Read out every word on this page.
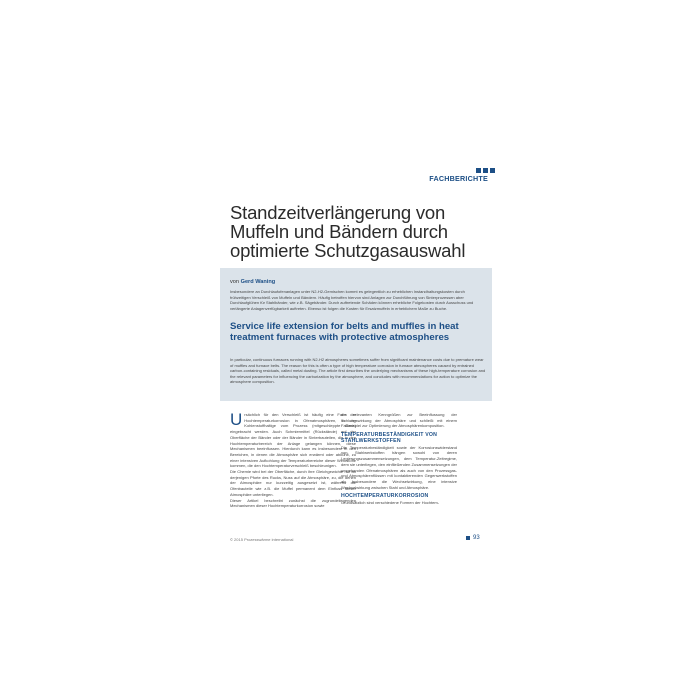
FACHBERICHTE
Standzeitverlängerung von Muffeln und Bändern durch optimierte Schutzgasauswahl
von Gerd Waning

Insbesondere an Durchlaufofenanlagen unter N2-H2-Gemischen kommt es gelegentlich zu erheblichen Instandhaltungskosten durch frühzeitigen Verschleiß von Muffeln und Bändern. Häufig betroffen hiervon sind Anlagen zur Durchführung von Sinterprozessen aber Durchlaufglühen für Stahlbänder, wie z.B. Sägebänder. Durch auftretende Schäden können erhebliche Folgekosten durch Ausschuss und verlängerte Anlagenverfügbarkeit auftreten. Ebenso ist folgen die Kosten für Ersatzmuffeln in erheblichem Maße zu Buche.

Service life extension for belts and muffles in heat treatment furnaces with protective atmospheres

In particular, continuous furnaces running with N2-H2 atmospheres sometimes suffer from significant maintenance costs due to premature wear of muffles and furnace belts. The reason for this is often a type of high temperature corrosion in furnace atmospheres caused by entrained carbon-containing residuals, called metal dusting. The article first describes the underlying mechanisms of these high-temperature corrosion and the relevant parameters for influencing the carburization by the atmosphere, and concludes with recommendations for action to optimize the atmosphere composition.

Ursächlich für den Verschleiß ist häufig eine Form der Hochtemperaturkorrosion in Ofenatmosphären, in der Kohlenstoffhaltige vom Prozess (mitgeschleppte Gase) eingebracht werden. Auch Schmiermittel (Rückstände) auf der Oberfläche der Bänder oder der Bänder in Sinterbauteilen, die in den Hochtemperaturbereich der Anlage gelangen können, diese Mechanismen beeinflussen. Hierdurch kann es insbesondere in den Bereichen, in denen die Atmosphäre sich erwärmt oder abkühlt, zu einer intensiven Aufkohlung der Temperaturbereiche dieser Werkstoffe kommen, die den Hochtemperaturverschleiß beschleunigen.

Die Chemie wird bei der Oberfläche, durch ihre Gleichgewichte nur an derjenigen Pforte des Rucks, Nuss auf die Atmosphäre, zu, die denen der Atmosphäre nur kurzzeitig ausgesetzt ist, während die Ofenbauteile wie z.B. die Muffel permanent dem Einfluss dieser Atmosphäre unterliegen.

Dieser Artikel beschreibt zunächst die zugrundeliegenden Mechanismen dieser Hochtemperaturkorrosion sowie

die relevanten Kenngrößen zur Beeinflussung der Kohlungswirkung der Atmosphäre und schließt mit einem Fallbeispiel zur Optimierung der Atmosphärenkomposition.

TEMPERATURBESTÄNDIGKEIT VON STAHLWERKSTOFFEN

Die Temperaturbeständigkeit sowie der Korrosionswiderstand von Stahlwerkstoffen hängen sowohl von deren Legierungszusammensetzungen, dem Temperatur-Zeitregime, dem sie unterliegen, den einfließenden Zusammensetzungen der umgebenden Ofenatmosphären als auch von den Prozessgas- und Atmosphärenflüssen mit kontaktierenden Gegenwerkstoffen ab. Insbesondere die Wechselwirkung, eine intensive Wechselwirkung zwischen Stahl und Atmosphäre.

HOCHTEMPERATURKORROSION

Grundsätzlich sind verschiedene Formen der Hochtem-

© 2015 Prozesswärme international	93
